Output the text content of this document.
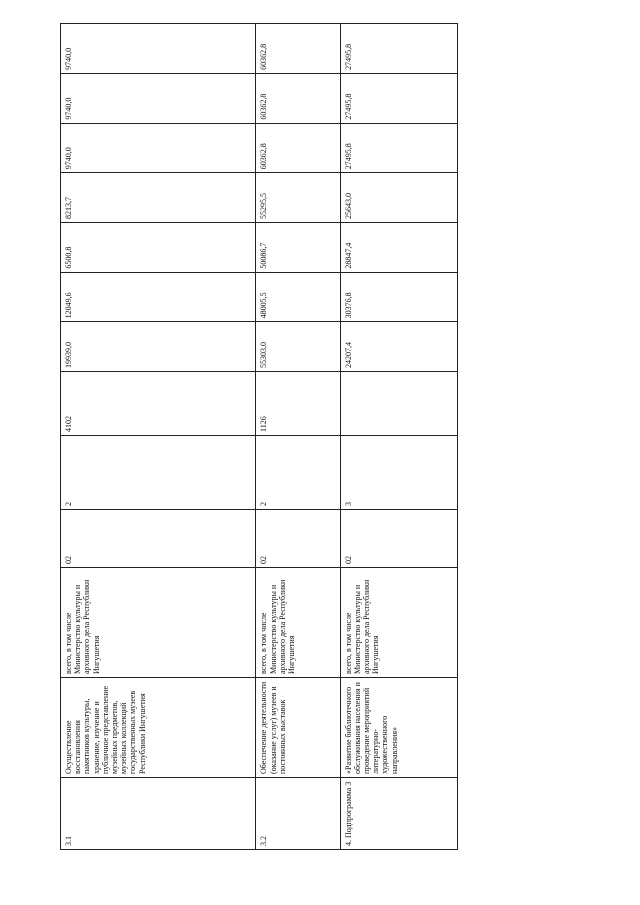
3.1	Осуществление восстановления памятников культуры, хранение, изучение и публичное представление музейных предметов, музейных коллекций государственных музеев Республики Ингушетия	всего, в том числе Министерство культуры и архивного дела Республики Ингушетия	02	2	4102	19939,0	12049,6	6500,8	8213,7	9740,0	9740,0	9740,0
3.2	Обеспечение деятельности (оказание услуг) музеев и постоянных выставок	всего, в том числе Министерство культуры и архивного дела Республики Ингушетия	02	2	1126	55303,0	48005,5	50086,7	55295,5	60362,8	60362,8	60362,8
4. Подпрограмма 3	«Развитие библиотечного обслуживания населения и проведение мероприятий литературно-художественного направления»	всего, в том числе Министерство культуры и архивного дела Республики Ингушетия	02	3		24207,4	30376,8	28847,4	25643,0	27495,8	27495,8	27495,8
